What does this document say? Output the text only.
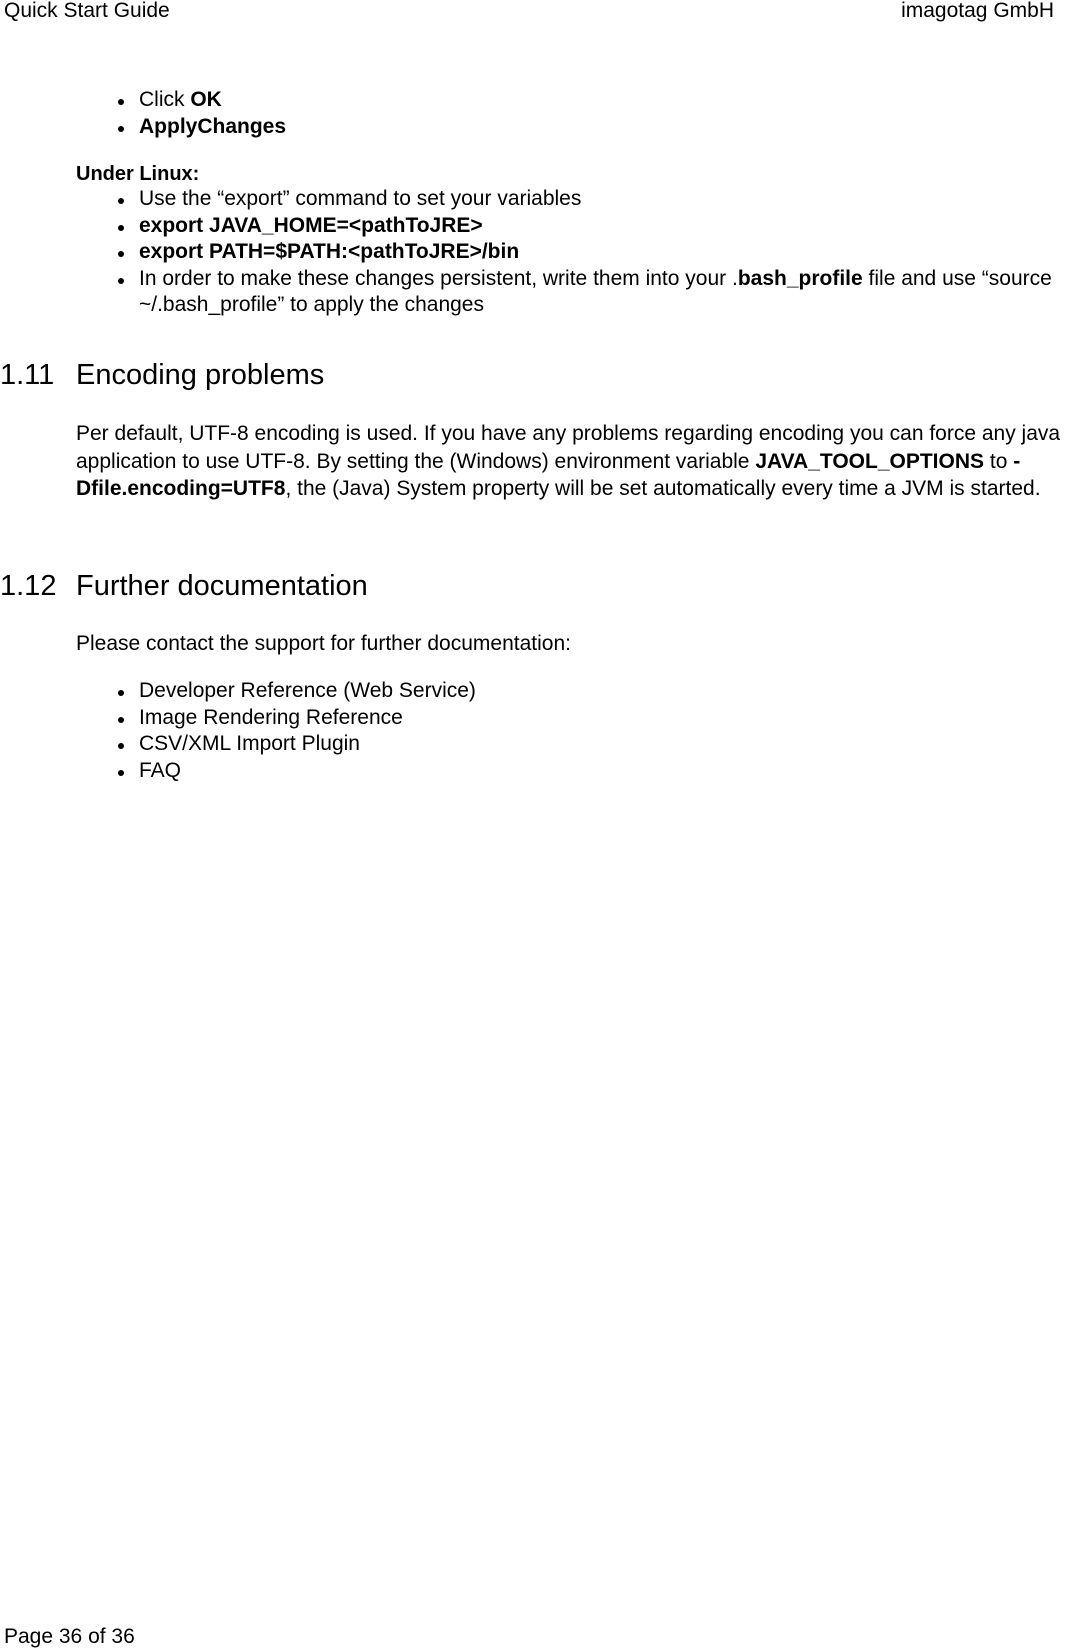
Quick Start Guide	imagotag GmbH

Click OK
ApplyChanges

Under Linux:

Use the “export” command to set your variables
export JAVA_HOME=<pathToJRE>
export PATH=$PATH:<pathToJRE>/bin
In order to make these changes persistent, write them into your .bash_profile file and use “source ~/.bash_profile” to apply the changes
1.11 Encoding problems

Per default, UTF-8 encoding is used. If you have any problems regarding encoding you can force any java application to use UTF-8. By setting the (Windows) environment variable JAVA_TOOL_OPTIONS to -Dfile.encoding=UTF8, the (Java) System property will be set automatically every time a JVM is started.

1.12 Further documentation

Please contact the support for further documentation:

Developer Reference (Web Service)
Image Rendering Reference
CSV/XML Import Plugin
FAQ

Page 36 of 36
